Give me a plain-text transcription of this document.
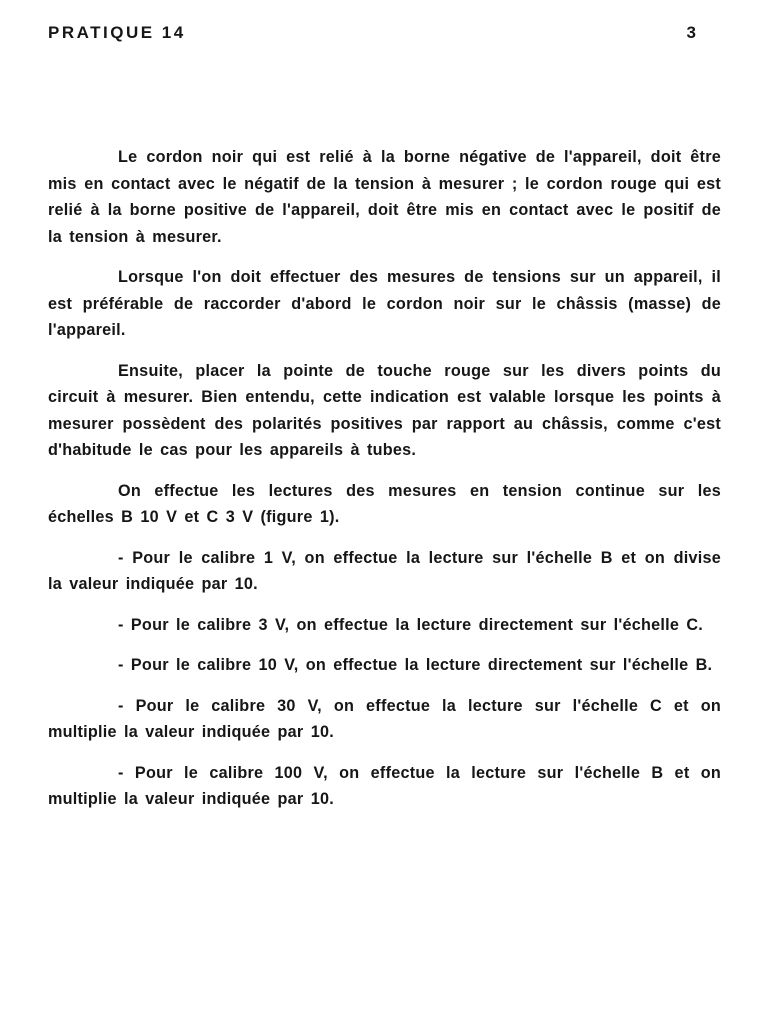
PRATIQUE 14	3

Le cordon noir qui est relié à la borne négative de l'appareil, doit être mis en contact avec le négatif de la tension à mesurer ; le cordon rouge qui est relié à la borne positive de l'appareil, doit être mis en contact avec le positif de la tension à mesurer.

Lorsque l'on doit effectuer des mesures de tensions sur un appareil, il est préférable de raccorder d'abord le cordon noir sur le châssis (masse) de l'appareil.

Ensuite, placer la pointe de touche rouge sur les divers points du circuit à mesurer. Bien entendu, cette indication est valable lorsque les points à mesurer possèdent des polarités positives par rapport au châssis, comme c'est d'habitude le cas pour les appareils à tubes.

On effectue les lectures des mesures en tension continue sur les échelles B 10 V et C 3 V (figure 1).

- Pour le calibre 1 V, on effectue la lecture sur l'échelle B et on divise la valeur indiquée par 10.

- Pour le calibre 3 V, on effectue la lecture directement sur l'échelle C.

- Pour le calibre 10 V, on effectue la lecture directement sur l'échelle B.

- Pour le calibre 30 V, on effectue la lecture sur l'échelle C et on multiplie la valeur indiquée par 10.

- Pour le calibre 100 V, on effectue la lecture sur l'échelle B et on multiplie la valeur indiquée par 10.
